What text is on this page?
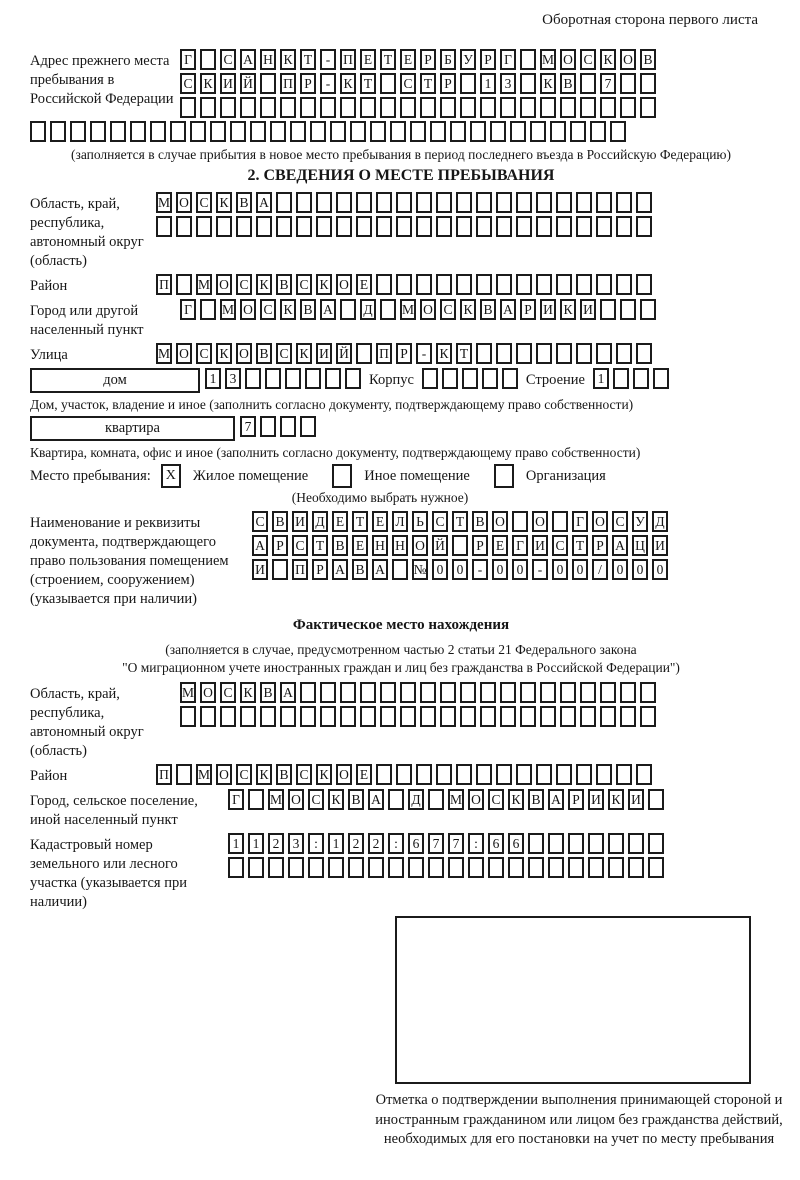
Оборотная сторона первого листа
Адрес прежнего места пребывания в Российской Федерации
Г	С А Н К Т	- П Е Т Е Р Б У Р Г	М О С К О В
С К И Й П Р	- К Т С Т Р	1 3	К В	7
(заполняется в случае прибытия в новое место пребывания в период последнего въезда в Российскую Федерацию)
2. СВЕДЕНИЯ О МЕСТЕ ПРЕБЫВАНИЯ
Область, край, республика, автономный округ (область)
М О С К В А
Район	П М О С К В С К О Е
Город или другой населенный пункт
Г	М О С К В А Д М О С К В А Р И К И
Улица	М О С К О В С К И Й П Р	- К Т
дом	1 3	Корпус	Строение 1
Дом, участок, владение и иное (заполнить согласно документу, подтверждающему право собственности)
квартира	7
Квартира, комната, офис и иное (заполнить согласно документу, подтверждающему право собственности)
Место пребывания:	X	Жилое помещение	Иное помещение	Организация
(Необходимо выбрать нужное)
Наименование и реквизиты документа, подтверждающего право пользования помещением (строением, сооружением) (указывается при наличии)
С В И Д Е Т Е Л Ь С Т В О О	Г О С У Д
А Р С Т В Е Н Н О Й	Р Е Г И С Т Р А Ц И
И П Р А В А № 0 0	-	0 0	-	0 0	/	0 0 0
Фактическое место нахождения
(заполняется в случае, предусмотренном частью 2 статьи 21 Федерального закона
"О миграционном учете иностранных граждан и лиц без гражданства в Российской Федерации")
Область, край, республика, автономный округ (область)
М О С К В А
Район	П М О С К В С К О Е
Город, сельское поселение, иной населенный пункт
Г	М О С К В А Д М О С К В А Р И К И
Кадастровый номер земельного или лесного участка (указывается при наличии)
1 1 2 3	:	1 2 2	:	6 7 7	:	6 6
Отметка о подтверждении выполнения принимающей стороной и иностранным гражданином или лицом без гражданства действий, необходимых для его постановки на учет по месту пребывания
